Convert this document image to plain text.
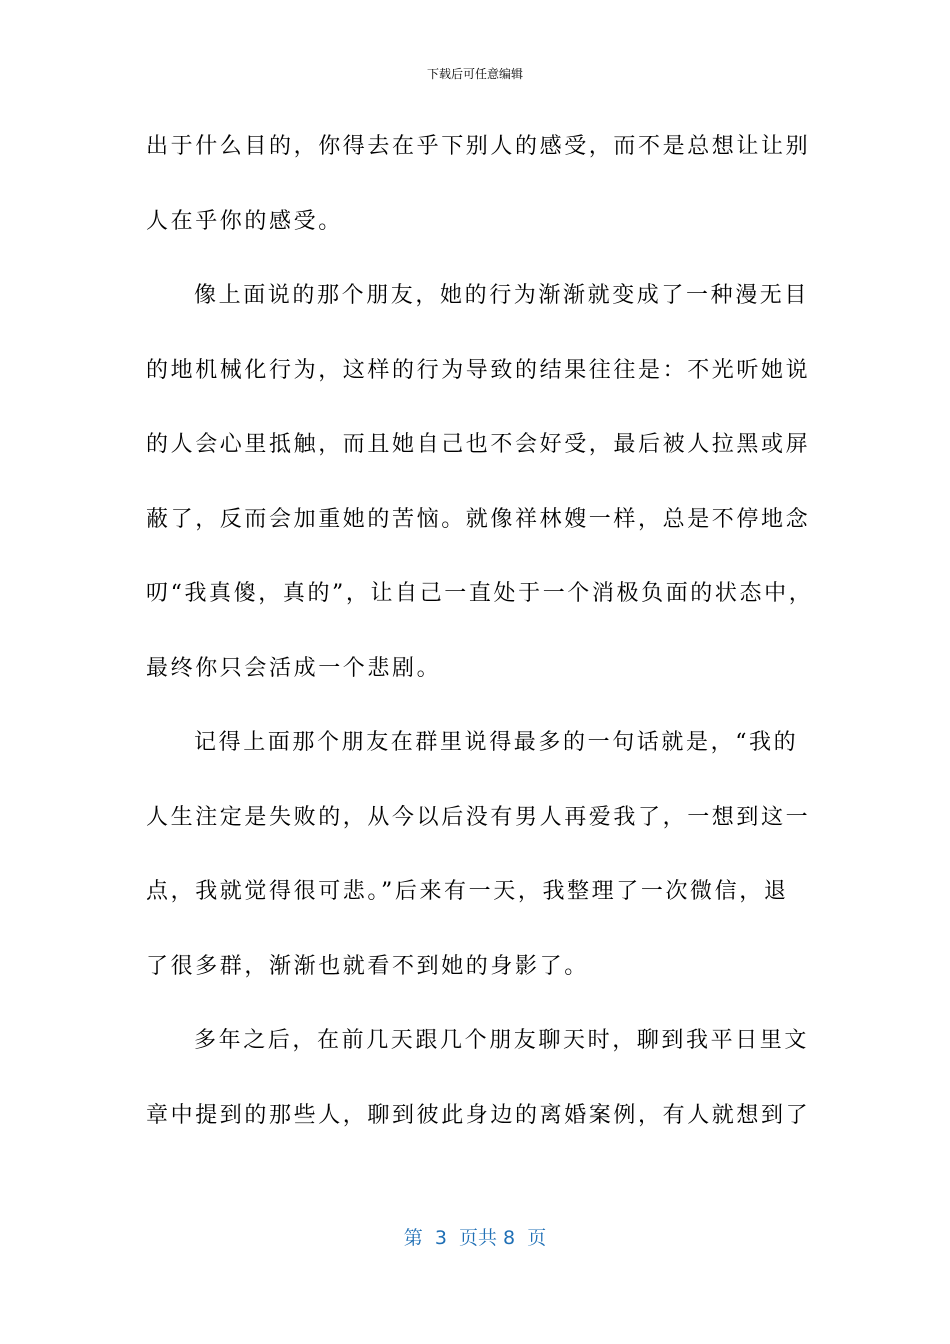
下载后可任意编辑
出于什么目的，你得去在乎下别人的感受，而不是总想让让别
人在乎你的感受。
像上面说的那个朋友，她的行为渐渐就变成了一种漫无目
的地机械化行为，这样的行为导致的结果往往是：不光听她说
的人会心里抵触，而且她自己也不会好受，最后被人拉黑或屏
蔽了，反而会加重她的苦恼。就像祥林嫂一样，总是不停地念
叨“我真傻，真的”，让自己一直处于一个消极负面的状态中，
最终你只会活成一个悲剧。
记得上面那个朋友在群里说得最多的一句话就是，“我的
人生注定是失败的，从今以后没有男人再爱我了，一想到这一
点，我就觉得很可悲。”后来有一天，我整理了一次微信，退
了很多群，渐渐也就看不到她的身影了。
多年之后，在前几天跟几个朋友聊天时，聊到我平日里文
章中提到的那些人，聊到彼此身边的离婚案例，有人就想到了
第  3  页共 8  页
